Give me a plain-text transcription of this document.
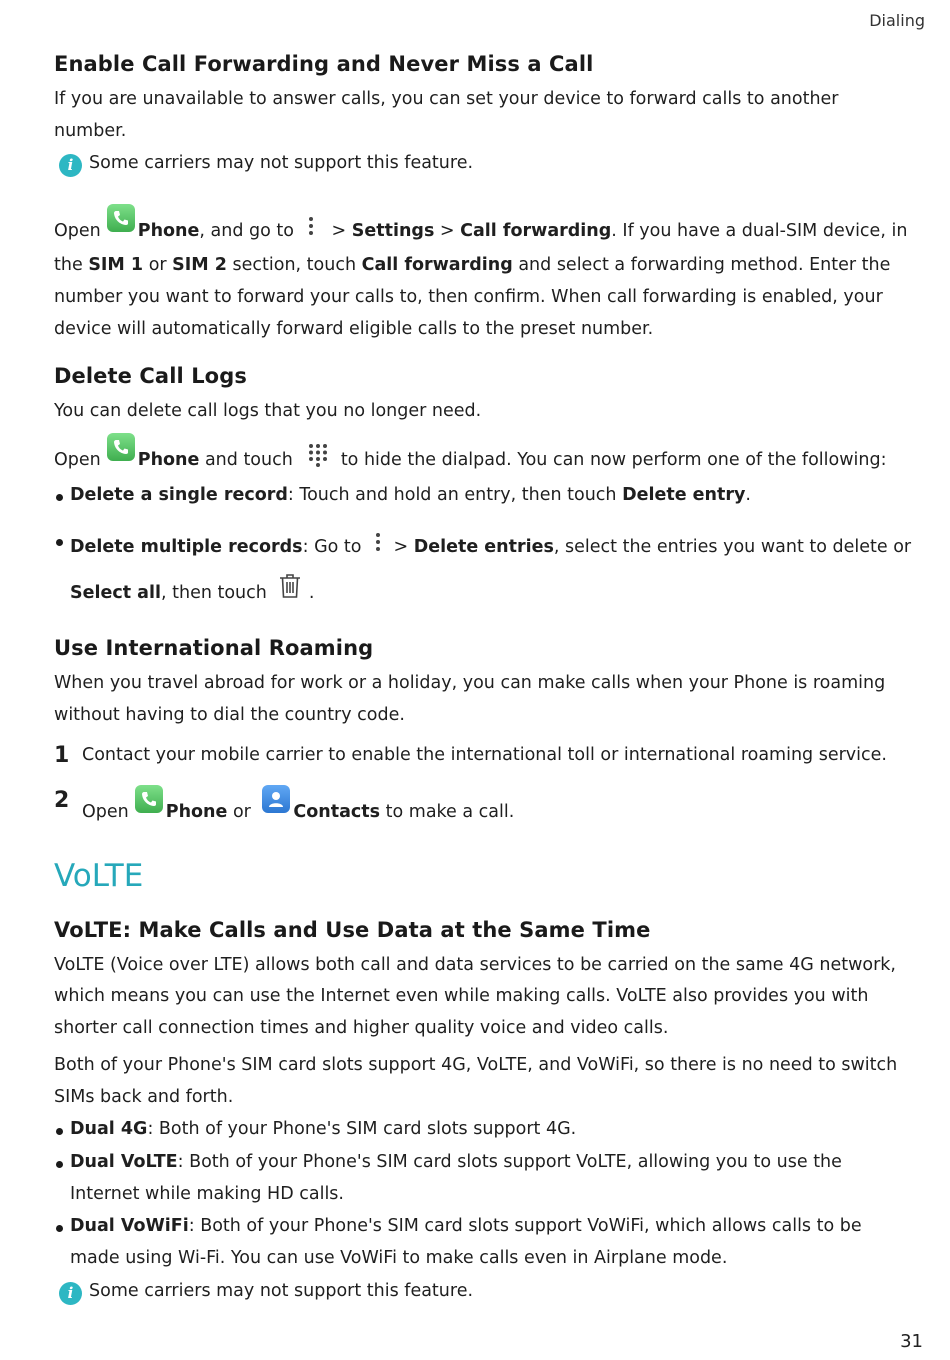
Dialing
Enable Call Forwarding and Never Miss a Call

If you are unavailable to answer calls, you can set your device to forward calls to another number.

i Some carriers may not support this feature.

Open Phone, and go to > Settings > Call forwarding. If you have a dual-SIM device, in the SIM 1 or SIM 2 section, touch Call forwarding and select a forwarding method. Enter the number you want to forward your calls to, then confirm. When call forwarding is enabled, your device will automatically forward eligible calls to the preset number.

Delete Call Logs

You can delete call logs that you no longer need.

Open Phone and touch	to hide the dialpad. You can now perform one of the following:

Delete a single record: Touch and hold an entry, then touch Delete entry.
Delete multiple records: Go to > Delete entries, select the entries you want to delete or Select all, then touch .
Use International Roaming

When you travel abroad for work or a holiday, you can make calls when your Phone is roaming without having to dial the country code.

1 Contact your mobile carrier to enable the international toll or international roaming service.
2 Open Phone or
Contacts to make a call.
VoLTE
VoLTE: Make Calls and Use Data at the Same Time

VoLTE (Voice over LTE) allows both call and data services to be carried on the same 4G network, which means you can use the Internet even while making calls. VoLTE also provides you with shorter call connection times and higher quality voice and video calls.

Both of your Phone's SIM card slots support 4G, VoLTE, and VoWiFi, so there is no need to switch SIMs back and forth.

Dual 4G: Both of your Phone's SIM card slots support 4G.
Dual VoLTE: Both of your Phone's SIM card slots support VoLTE, allowing you to use the Internet while making HD calls.
Dual VoWiFi: Both of your Phone's SIM card slots support VoWiFi, which allows calls to be made using Wi-Fi. You can use VoWiFi to make calls even in Airplane mode.
i Some carriers may not support this feature.
31
